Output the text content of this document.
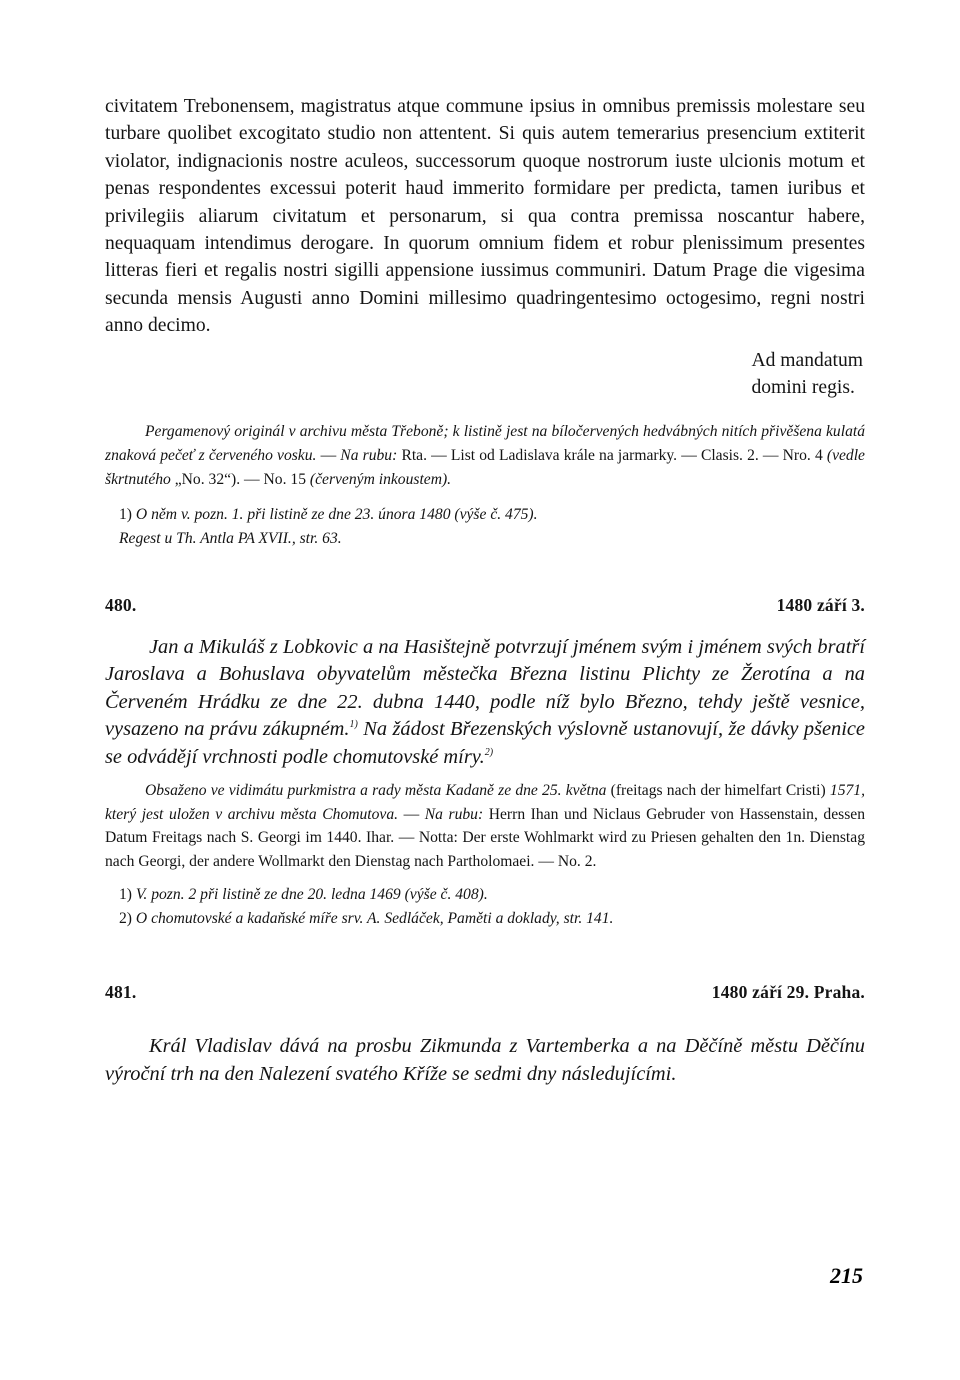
civitatem Trebonensem, magistratus atque commune ipsius in omnibus premissis molestare seu turbare quolibet excogitato studio non attentent. Si quis autem temerarius presencium extiterit violator, indignacionis nostre aculeos, successorum quoque nostrorum iuste ulcionis motum et penas respondentes excessui poterit haud immerito formidare per predicta, tamen iuribus et privilegiis aliarum civitatum et personarum, si qua contra premissa noscantur habere, nequaquam intendimus derogare. In quorum omnium fidem et robur plenissimum presentes litteras fieri et regalis nostri sigilli appensione iussimus communiri. Datum Prage die vigesima secunda mensis Augusti anno Domini millesimo quadringentesimo octogesimo, regni nostri anno decimo.

Ad mandatum
domini regis.

Pergamenový originál v archivu města Třeboně; k listině jest na bíločervených hedvábných nitích přivěšena kulatá znaková pečeť z červeného vosku. — Na rubu: Rta. — List od Ladislava krále na jarmarky. — Clasis. 2. — Nro. 4 (vedle škrtnutého „No. 32“). — No. 15 (červeným inkoustem).

1) O něm v. pozn. 1. při listině ze dne 23. února 1480 (výše č. 475).

Regest u Th. Antla PA XVII., str. 63.

480.	1480 září 3.

Jan a Mikuláš z Lobkovic a na Hasištejně potvrzují jménem svým i jménem svých bratří Jaroslava a Bohuslava obyvatelům městečka Března listinu Plichty ze Žerotína a na Červeném Hrádku ze dne 22. dubna 1440, podle níž bylo Březno, tehdy ještě vesnice, vysazeno na právu zákupném.$^{1)}$ Na žádost Březenských výslovně ustanovují, že dávky pšenice se odvádějí vrchnosti podle chomutovské míry.$^{2)}$

Obsaženo ve vidimátu purkmistra a rady města Kadaně ze dne 25. května (freitags nach der himelfart Cristi) 1571, který jest uložen v archivu města Chomutova. — Na rubu: Herrn Ihan und Niclaus Gebruder von Hassenstain, dessen Datum Freitags nach S. Georgi im 1440. Ihar. — Notta: Der erste Wohlmarkt wird zu Priesen gehalten den 1n. Dienstag nach Georgi, der andere Wollmarkt den Dienstag nach Partholomaei. — No. 2.

1) V. pozn. 2 při listině ze dne 20. ledna 1469 (výše č. 408).

2) O chomutovské a kadaňské míře srv. A. Sedláček, Paměti a doklady, str. 141.

481.	1480 září 29. Praha.

Král Vladislav dává na prosbu Zikmunda z Vartemberka a na Děčíně městu Děčínu výroční trh na den Nalezení svatého Kříže se sedmi dny následujícími.

215
